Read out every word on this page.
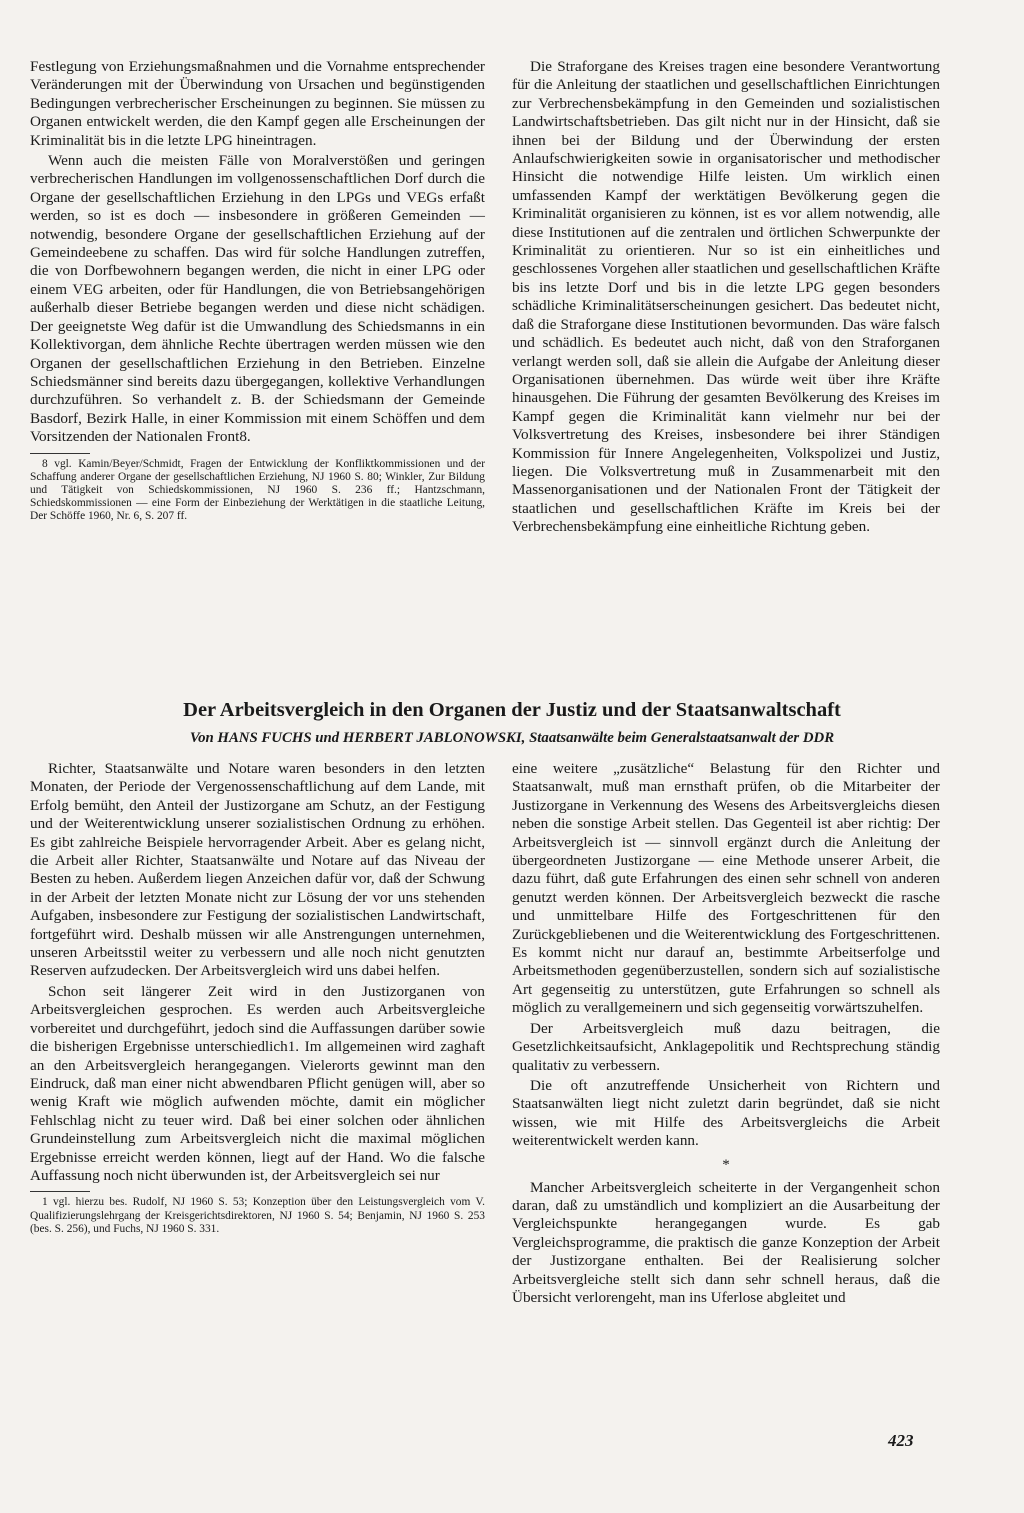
Festlegung von Erziehungsmaßnahmen und die Vornahme entsprechender Veränderungen mit der Überwindung von Ursachen und begünstigenden Bedingungen verbrecherischer Erscheinungen zu beginnen. Sie müssen zu Organen entwickelt werden, die den Kampf gegen alle Erscheinungen der Kriminalität bis in die letzte LPG hineintragen.

Wenn auch die meisten Fälle von Moralverstößen und geringen verbrecherischen Handlungen im vollgenossenschaftlichen Dorf durch die Organe der gesellschaftlichen Erziehung in den LPGs und VEGs erfaßt werden, so ist es doch — insbesondere in größeren Gemeinden — notwendig, besondere Organe der gesellschaftlichen Erziehung auf der Gemeindeebene zu schaffen. Das wird für solche Handlungen zutreffen, die von Dorfbewohnern begangen werden, die nicht in einer LPG oder einem VEG arbeiten, oder für Handlungen, die von Betriebsangehörigen außerhalb dieser Betriebe begangen werden und diese nicht schädigen. Der geeignetste Weg dafür ist die Umwandlung des Schiedsmanns in ein Kollektivorgan, dem ähnliche Rechte übertragen werden müssen wie den Organen der gesellschaftlichen Erziehung in den Betrieben. Einzelne Schiedsmänner sind bereits dazu übergegangen, kollektive Verhandlungen durchzuführen. So verhandelt z. B. der Schiedsmann der Gemeinde Basdorf, Bezirk Halle, in einer Kommission mit einem Schöffen und dem Vorsitzenden der Nationalen Front8.

8 vgl. Kamin/Beyer/Schmidt, Fragen der Entwicklung der Konfliktkommissionen und der Schaffung anderer Organe der gesellschaftlichen Erziehung, NJ 1960 S. 80; Winkler, Zur Bildung und Tätigkeit von Schiedskommissionen, NJ 1960 S. 236 ff.; Hantzschmann, Schiedskommissionen — eine Form der Einbeziehung der Werktätigen in die staatliche Leitung, Der Schöffe 1960, Nr. 6, S. 207 ff.

Die Straforgane des Kreises tragen eine besondere Verantwortung für die Anleitung der staatlichen und gesellschaftlichen Einrichtungen zur Verbrechensbekämpfung in den Gemeinden und sozialistischen Landwirtschaftsbetrieben. Das gilt nicht nur in der Hinsicht, daß sie ihnen bei der Bildung und der Überwindung der ersten Anlaufschwierigkeiten sowie in organisatorischer und methodischer Hinsicht die notwendige Hilfe leisten. Um wirklich einen umfassenden Kampf der werktätigen Bevölkerung gegen die Kriminalität organisieren zu können, ist es vor allem notwendig, alle diese Institutionen auf die zentralen und örtlichen Schwerpunkte der Kriminalität zu orientieren. Nur so ist ein einheitliches und geschlossenes Vorgehen aller staatlichen und gesellschaftlichen Kräfte bis ins letzte Dorf und bis in die letzte LPG gegen besonders schädliche Kriminalitätserscheinungen gesichert. Das bedeutet nicht, daß die Straforgane diese Institutionen bevormunden. Das wäre falsch und schädlich. Es bedeutet auch nicht, daß von den Straforganen verlangt werden soll, daß sie allein die Aufgabe der Anleitung dieser Organisationen übernehmen. Das würde weit über ihre Kräfte hinausgehen. Die Führung der gesamten Bevölkerung des Kreises im Kampf gegen die Kriminalität kann vielmehr nur bei der Volksvertretung des Kreises, insbesondere bei ihrer Ständigen Kommission für Innere Angelegenheiten, Volkspolizei und Justiz, liegen. Die Volksvertretung muß in Zusammenarbeit mit den Massenorganisationen und der Nationalen Front der Tätigkeit der staatlichen und gesellschaftlichen Kräfte im Kreis bei der Verbrechensbekämpfung eine einheitliche Richtung geben.

Der Arbeitsvergleich in den Organen der Justiz und der Staatsanwaltschaft

Von HANS FUCHS und HERBERT JABLONOWSKI, Staatsanwälte beim Generalstaatsanwalt der DDR

Richter, Staatsanwälte und Notare waren besonders in den letzten Monaten, der Periode der Vergenossenschaftlichung auf dem Lande, mit Erfolg bemüht, den Anteil der Justizorgane am Schutz, an der Festigung und der Weiterentwicklung unserer sozialistischen Ordnung zu erhöhen. Es gibt zahlreiche Beispiele hervorragender Arbeit. Aber es gelang nicht, die Arbeit aller Richter, Staatsanwälte und Notare auf das Niveau der Besten zu heben. Außerdem liegen Anzeichen dafür vor, daß der Schwung in der Arbeit der letzten Monate nicht zur Lösung der vor uns stehenden Aufgaben, insbesondere zur Festigung der sozialistischen Landwirtschaft, fortgeführt wird. Deshalb müssen wir alle Anstrengungen unternehmen, unseren Arbeitsstil weiter zu verbessern und alle noch nicht genutzten Reserven aufzudecken. Der Arbeitsvergleich wird uns dabei helfen.

Schon seit längerer Zeit wird in den Justizorganen von Arbeitsvergleichen gesprochen. Es werden auch Arbeitsvergleiche vorbereitet und durchgeführt, jedoch sind die Auffassungen darüber sowie die bisherigen Ergebnisse unterschiedlich1. Im allgemeinen wird zaghaft an den Arbeitsvergleich herangegangen. Vielerorts gewinnt man den Eindruck, daß man einer nicht abwendbaren Pflicht genügen will, aber so wenig Kraft wie möglich aufwenden möchte, damit ein möglicher Fehlschlag nicht zu teuer wird. Daß bei einer solchen oder ähnlichen Grundeinstellung zum Arbeitsvergleich nicht die maximal möglichen Ergebnisse erreicht werden können, liegt auf der Hand. Wo die falsche Auffassung noch nicht überwunden ist, der Arbeitsvergleich sei nur

1 vgl. hierzu bes. Rudolf, NJ 1960 S. 53; Konzeption über den Leistungsvergleich vom V. Qualifizierungslehrgang der Kreisgerichtsdirektoren, NJ 1960 S. 54; Benjamin, NJ 1960 S. 253 (bes. S. 256), und Fuchs, NJ 1960 S. 331.

eine weitere „zusätzliche“ Belastung für den Richter und Staatsanwalt, muß man ernsthaft prüfen, ob die Mitarbeiter der Justizorgane in Verkennung des Wesens des Arbeitsvergleichs diesen neben die sonstige Arbeit stellen. Das Gegenteil ist aber richtig: Der Arbeitsvergleich ist — sinnvoll ergänzt durch die Anleitung der übergeordneten Justizorgane — eine Methode unserer Arbeit, die dazu führt, daß gute Erfahrungen des einen sehr schnell von anderen genutzt werden können. Der Arbeitsvergleich bezweckt die rasche und unmittelbare Hilfe des Fortgeschrittenen für den Zurückgebliebenen und die Weiterentwicklung des Fortgeschrittenen. Es kommt nicht nur darauf an, bestimmte Arbeitserfolge und Arbeitsmethoden gegenüberzustellen, sondern sich auf sozialistische Art gegenseitig zu unterstützen, gute Erfahrungen so schnell als möglich zu verallgemeinern und sich gegenseitig vorwärtszuhelfen.

Der Arbeitsvergleich muß dazu beitragen, die Gesetzlichkeitsaufsicht, Anklagepolitik und Rechtsprechung ständig qualitativ zu verbessern.

Die oft anzutreffende Unsicherheit von Richtern und Staatsanwälten liegt nicht zuletzt darin begründet, daß sie nicht wissen, wie mit Hilfe des Arbeitsvergleichs die Arbeit weiterentwickelt werden kann.

*

Mancher Arbeitsvergleich scheiterte in der Vergangenheit schon daran, daß zu umständlich und kompliziert an die Ausarbeitung der Vergleichspunkte herangegangen wurde. Es gab Vergleichsprogramme, die praktisch die ganze Konzeption der Arbeit der Justizorgane enthalten. Bei der Realisierung solcher Arbeitsvergleiche stellt sich dann sehr schnell heraus, daß die Übersicht verlorengeht, man ins Uferlose abgleitet und

423
